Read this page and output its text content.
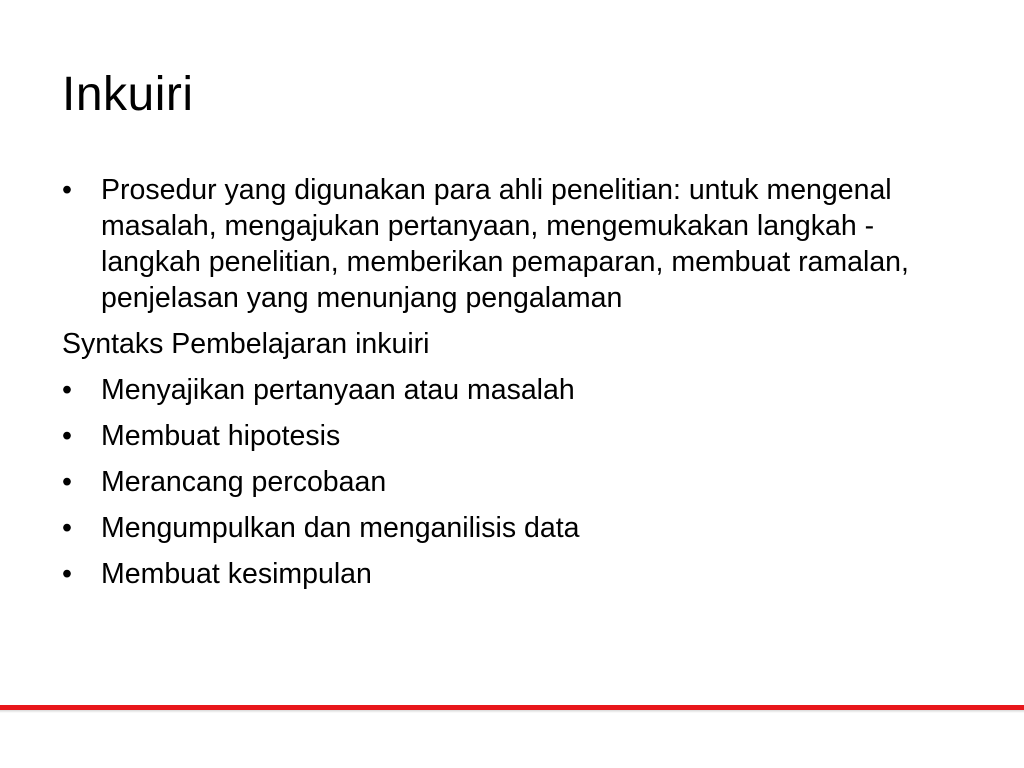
Inkuiri
•	Prosedur yang digunakan para ahli penelitian: untuk mengenal masalah, mengajukan pertanyaan, mengemukakan langkah -langkah penelitian, memberikan pemaparan, membuat ramalan, penjelasan yang menunjang pengalaman
Syntaks Pembelajaran inkuiri
•	Menyajikan pertanyaan atau masalah
•	Membuat hipotesis
•	Merancang percobaan
•	Mengumpulkan dan menganilisis data
•	Membuat kesimpulan
